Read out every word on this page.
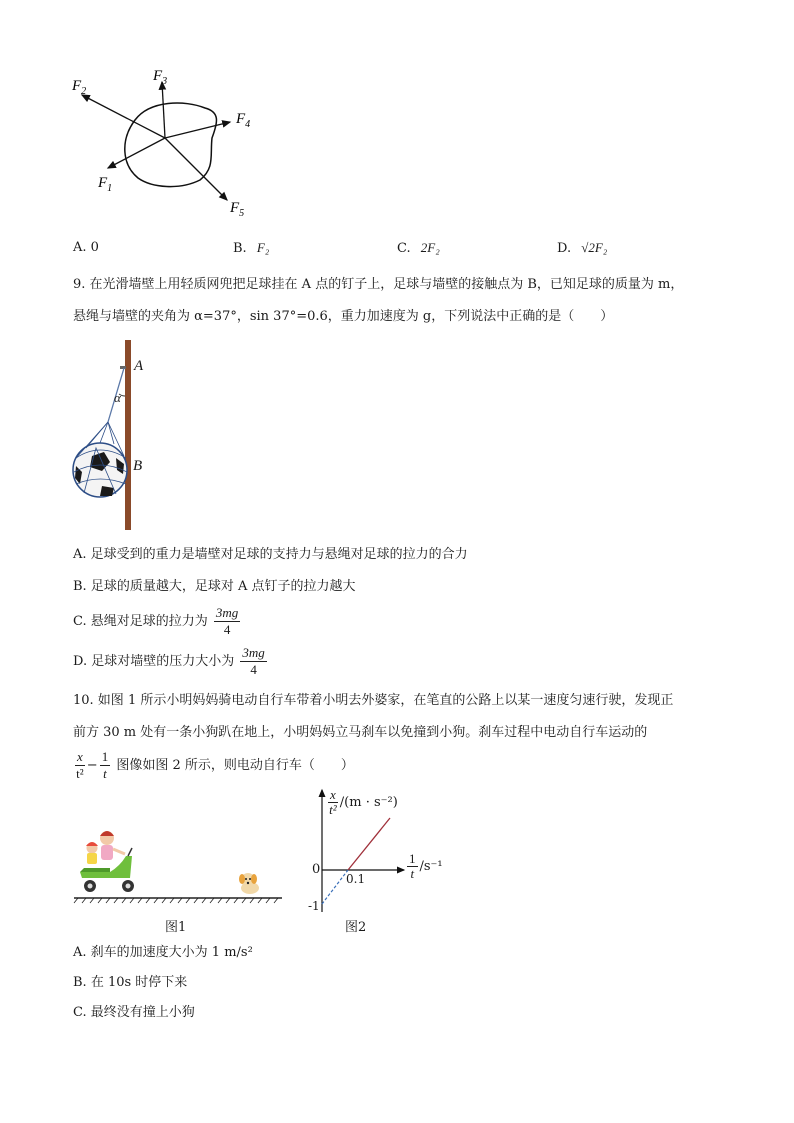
$F_2$
$F_3$
$F_4$
$F_1$
$F_5$
A. 0	B. F₂	C. 2F₂	D. √2F₂
9. 在光滑墙壁上用轻质网兜把足球挂在 A 点的钉子上，足球与墙壁的接触点为 B，已知足球的质量为 m，
悬绳与墙壁的夹角为 α=37°，sin 37°=0.6，重力加速度为 g，下列说法中正确的是（　　）
A
α
B
A. 足球受到的重力是墙壁对足球的支持力与悬绳对足球的拉力的合力
B. 足球的质量越大，足球对 A 点钉子的拉力越大
C. 悬绳对足球的拉力为 $\frac{3mg}{4}$
D. 足球对墙壁的压力大小为 $\frac{3mg}{4}$
10. 如图 1 所示小明妈妈骑电动自行车带着小明去外婆家，在笔直的公路上以某一速度匀速行驶，发现正
前方 30 m 处有一条小狗趴在地上，小明妈妈立马刹车以免撞到小狗。刹车过程中电动自行车运动的
$\frac{x}{\text{t²}} - \frac{1}{t}$ 图像如图 2 所示，则电动自行车（　　）
图1
$\frac{x}{\text{t²}} /(m \cdot s^{-2})$
$\frac{1}{t} /s^{-1}$
0
0.1
-1
图2
A. 刹车的加速度大小为 1 m/s²
B. 在 10s 时停下来
C. 最终没有撞上小狗
